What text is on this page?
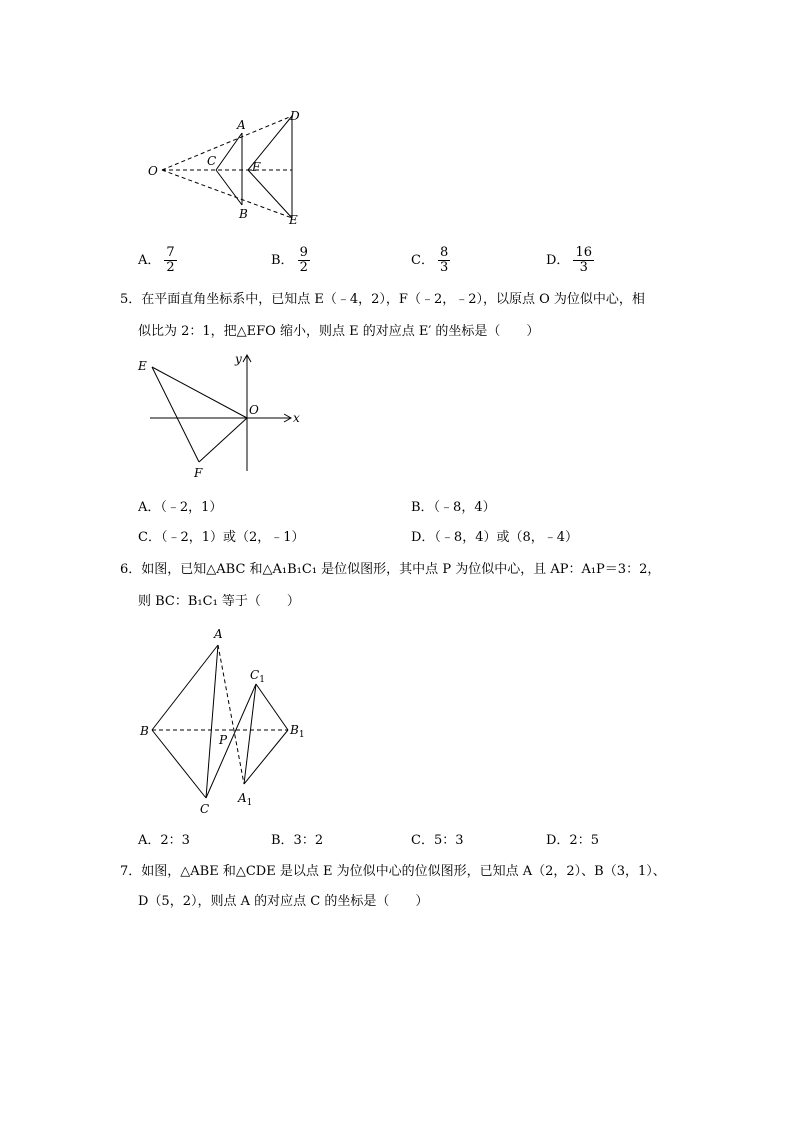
O
A
B
C
D
E
F
A． $\frac{7}{2}$	B． $\frac{9}{2}$	C． $\frac{8}{3}$	D． $\frac{16}{3}$
5．在平面直角坐标系中，已知点 E（﹣4，2），F（﹣2，﹣2），以原点 O 为位似中心，相
似比为 2：1，把△EFO 缩小，则点 E 的对应点 E′ 的坐标是（　　）
E
F
O
x
y
A．（﹣2，1）	B．（﹣8，4）
C．（﹣2，1）或（2，﹣1）	D．（﹣8，4）或（8，﹣4）
6．如图，已知△ABC 和△A₁B₁C₁ 是位似图形，其中点 P 为位似中心，且 AP：A₁P＝3：2，
则 BC：B₁C₁ 等于（　　）
A
B
C
P
$C_1$
$B_1$
$A_1$
A．2：3	B．3：2	C．5：3	D．2：5
7．如图，△ABE 和△CDE 是以点 E 为位似中心的位似图形，已知点 A（2，2）、B（3，1）、
D（5，2），则点 A 的对应点 C 的坐标是（　　）
